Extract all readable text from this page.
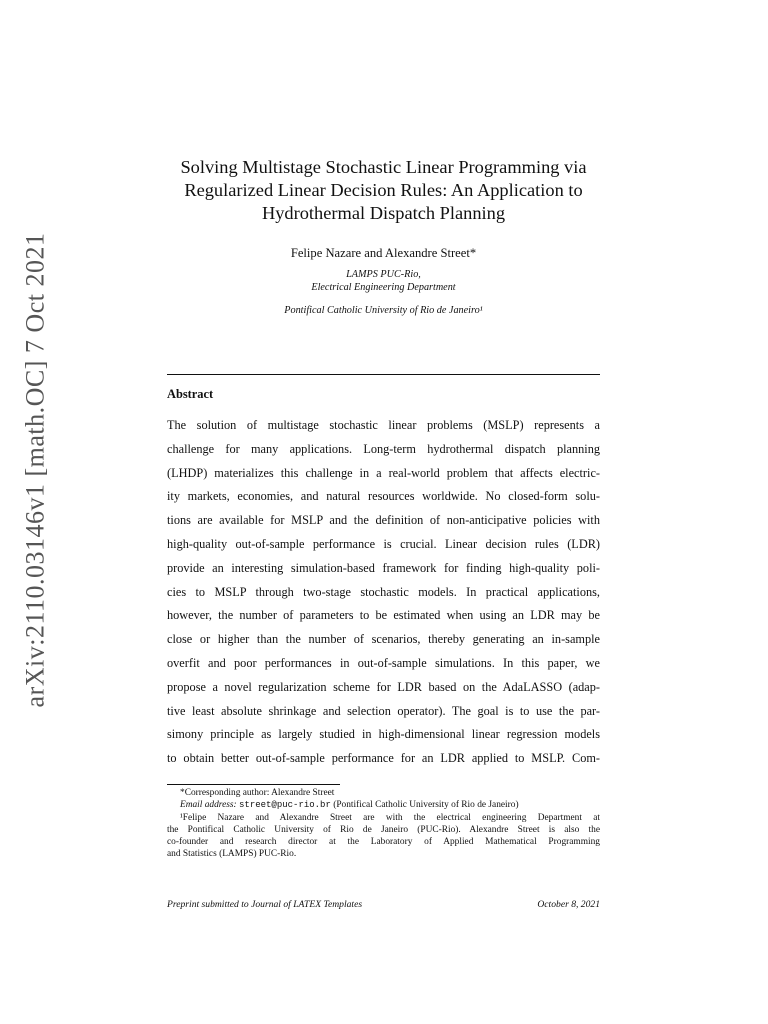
arXiv:2110.03146v1 [math.OC] 7 Oct 2021
Solving Multistage Stochastic Linear Programming via
Regularized Linear Decision Rules: An Application to
Hydrothermal Dispatch Planning
Felipe Nazare and Alexandre Street*
LAMPS PUC-Rio,
Electrical Engineering Department
Pontifical Catholic University of Rio de Janeiro¹
Abstract
The solution of multistage stochastic linear problems (MSLP) represents a
challenge for many applications. Long-term hydrothermal dispatch planning
(LHDP) materializes this challenge in a real-world problem that affects electric-
ity markets, economies, and natural resources worldwide. No closed-form solu-
tions are available for MSLP and the definition of non-anticipative policies with
high-quality out-of-sample performance is crucial. Linear decision rules (LDR)
provide an interesting simulation-based framework for finding high-quality poli-
cies to MSLP through two-stage stochastic models. In practical applications,
however, the number of parameters to be estimated when using an LDR may be
close or higher than the number of scenarios, thereby generating an in-sample
overfit and poor performances in out-of-sample simulations. In this paper, we
propose a novel regularization scheme for LDR based on the AdaLASSO (adap-
tive least absolute shrinkage and selection operator). The goal is to use the par-
simony principle as largely studied in high-dimensional linear regression models
to obtain better out-of-sample performance for an LDR applied to MSLP. Com-
*Corresponding author: Alexandre Street
Email address: street@puc-rio.br (Pontifical Catholic University of Rio de Janeiro)
¹Felipe Nazare and Alexandre Street are with the electrical engineering Department at
the Pontifical Catholic University of Rio de Janeiro (PUC-Rio). Alexandre Street is also the
co-founder and research director at the Laboratory of Applied Mathematical Programming
and Statistics (LAMPS) PUC-Rio.
Preprint submitted to Journal of LATEX Templates	October 8, 2021
